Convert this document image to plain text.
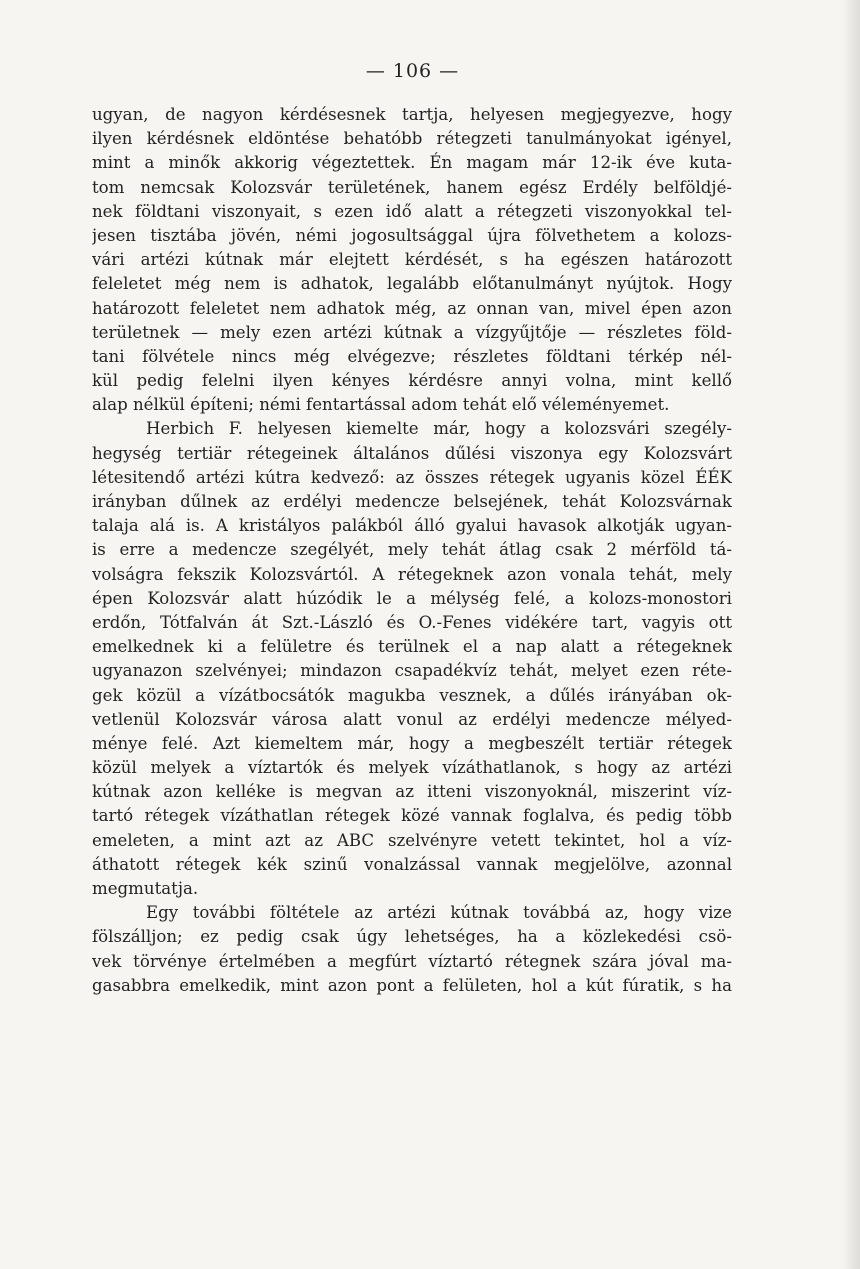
— 106 —
ugyan, de nagyon kérdésesnek tartja, helyesen megjegyezve, hogy
ilyen kérdésnek eldöntése behatóbb rétegzeti tanulmányokat igényel,
mint a minők akkorig végeztettek. Én magam már 12-ik éve kuta-
tom nemcsak Kolozsvár területének, hanem egész Erdély belföldjé-
nek földtani viszonyait, s ezen idő alatt a rétegzeti viszonyokkal tel-
jesen tisztába jövén, némi jogosultsággal újra fölvethetem a kolozs-
vári artézi kútnak már elejtett kérdését, s ha egészen határozott
feleletet még nem is adhatok, legalább előtanulmányt nyújtok. Hogy
határozott feleletet nem adhatok még, az onnan van, mivel épen azon
területnek — mely ezen artézi kútnak a vízgyűjtője — részletes föld-
tani fölvétele nincs még elvégezve; részletes földtani térkép nél-
kül pedig felelni ilyen kényes kérdésre annyi volna, mint kellő
alap nélkül építeni; némi fentartással adom tehát elő véleményemet.
Herbich F. helyesen kiemelte már, hogy a kolozsvári szegély-
hegység tertiär rétegeinek általános dűlési viszonya egy Kolozsvárt
létesitendő artézi kútra kedvező: az összes rétegek ugyanis közel ÉÉK
irányban dűlnek az erdélyi medencze belsejének, tehát Kolozsvárnak
talaja alá is. A kristályos palákból álló gyalui havasok alkotják ugyan-
is erre a medencze szegélyét, mely tehát átlag csak 2 mérföld tá-
volságra fekszik Kolozsvártól. A rétegeknek azon vonala tehát, mely
épen Kolozsvár alatt húzódik le a mélység felé, a kolozs-monostori
erdőn, Tótfalván át Szt.-László és O.-Fenes vidékére tart, vagyis ott
emelkednek ki a felületre és terülnek el a nap alatt a rétegeknek
ugyanazon szelvényei; mindazon csapadékvíz tehát, melyet ezen réte-
gek közül a vízátbocsátók magukba vesznek, a dűlés irányában ok-
vetlenül Kolozsvár városa alatt vonul az erdélyi medencze mélyed-
ménye felé. Azt kiemeltem már, hogy a megbeszélt tertiär rétegek
közül melyek a víztartók és melyek vízáthatlanok, s hogy az artézi
kútnak azon kelléke is megvan az itteni viszonyoknál, miszerint víz-
tartó rétegek vízáthatlan rétegek közé vannak foglalva, és pedig több
emeleten, a mint azt az ABC szelvényre vetett tekintet, hol a víz-
áthatott rétegek kék szinű vonalzással vannak megjelölve, azonnal
megmutatja.
Egy további föltétele az artézi kútnak továbbá az, hogy vize
fölszálljon; ez pedig csak úgy lehetséges, ha a közlekedési csö-
vek törvénye értelmében a megfúrt víztartó rétegnek szára jóval ma-
gasabbra emelkedik, mint azon pont a felületen, hol a kút fúratik, s ha
